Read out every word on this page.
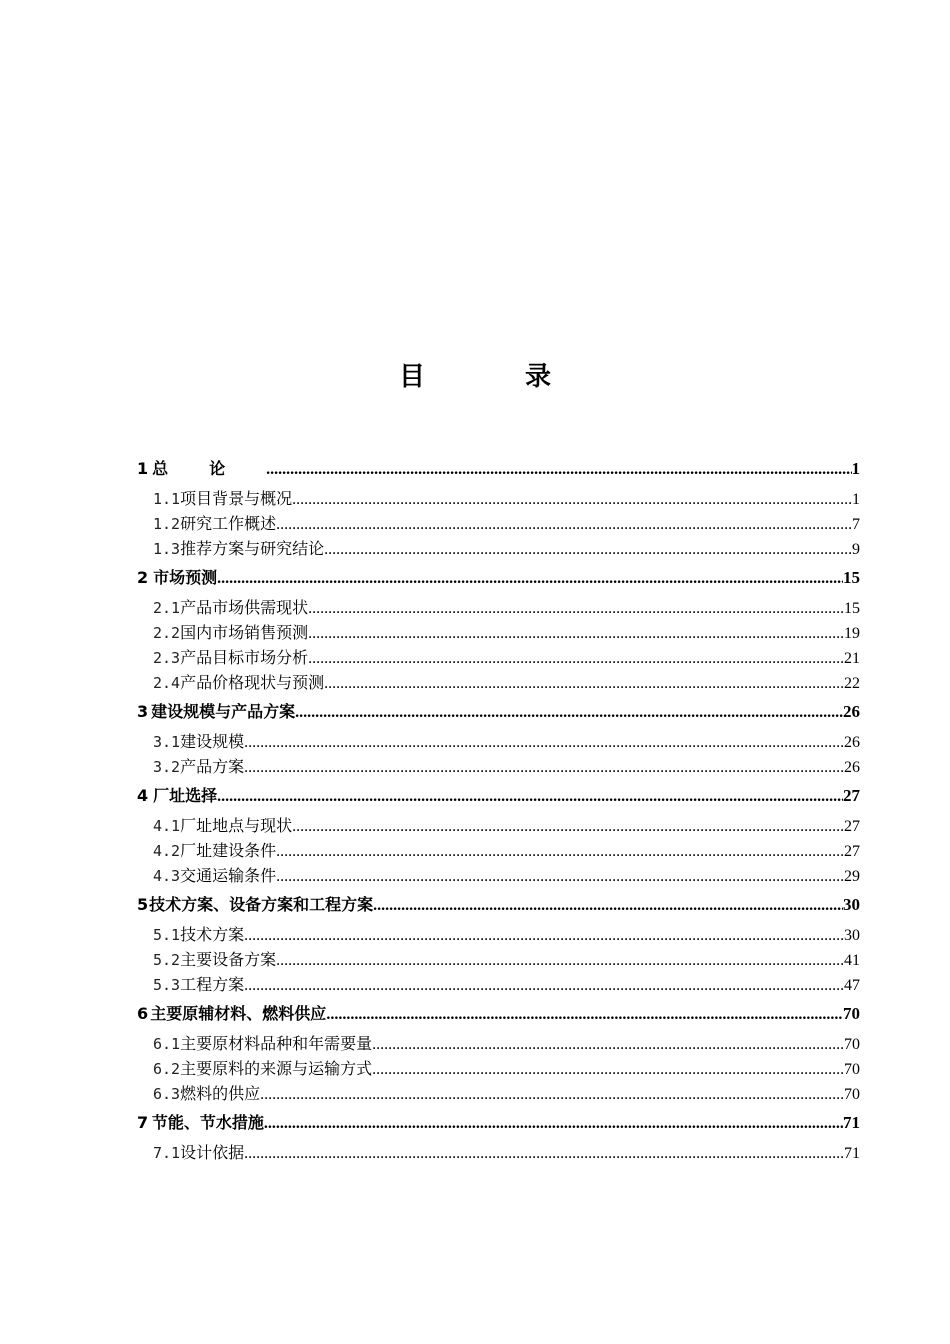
目	录
1 总论 .....	1
1.1 项目背景与概况 .....	1
1.2 研究工作概述 .....	7
1.3 推荐方案与研究结论 .....	9
2 市场预测 .....	15
2.1 产品市场供需现状 .....	15
2.2 国内市场销售预测 .....	19
2.3 产品目标市场分析 .....	21
2.4 产品价格现状与预测 .....	22
3 建设规模与产品方案 .....	26
3.1 建设规模 .....	26
3.2 产品方案 .....	26
4 厂址选择 .....	27
4.1 厂址地点与现状 .....	27
4.2 厂址建设条件 .....	27
4.3 交通运输条件 .....	29
5 技术方案、设备方案和工程方案 .....	30
5.1 技术方案 .....	30
5.2 主要设备方案 .....	41
5.3 工程方案 .....	47
6 主要原辅材料、燃料供应 .....	70
6.1 主要原材料品种和年需要量 .....	70
6.2 主要原料的来源与运输方式 .....	70
6.3 燃料的供应 .....	70
7 节能、节水措施 .....	71
7.1 设计依据 .....	71
